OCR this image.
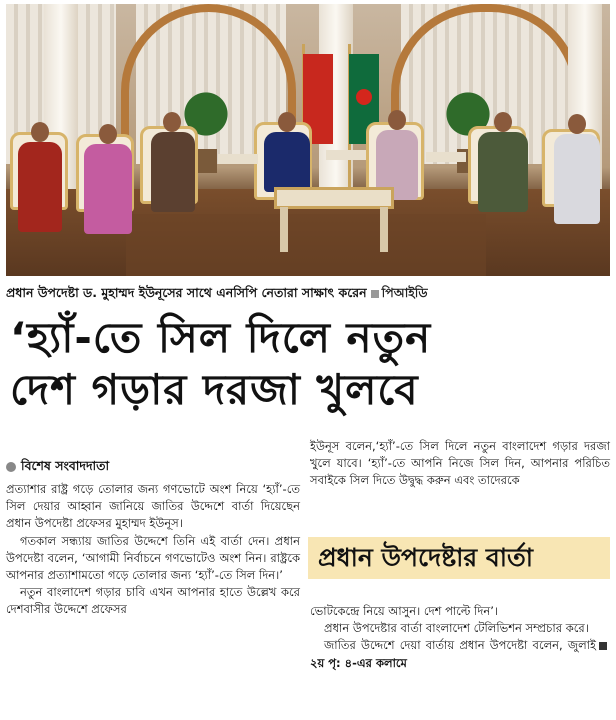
প্রধান উপদেষ্টা ড. মুহাম্মদ ইউনূসের সাথে এনসিপি নেতারা সাক্ষাৎ করেন পিআইডি
‘হ্যাঁ-তে সিল দিলে নতুন
দেশ গড়ার দরজা খুলবে
বিশেষ সংবাদদাতা

প্রত্যাশার রাষ্ট্র গড়ে তোলার জন্য গণভোটে অংশ নিয়ে ‘হ্যাঁ’-তে সিল দেয়ার আহ্বান জানিয়ে জাতির উদ্দেশে বার্তা দিয়েছেন প্রধান উপদেষ্টা প্রফেসর মুহাম্মদ ইউনূস।

গতকাল সন্ধ্যায় জাতির উদ্দেশে তিনি এই বার্তা দেন। প্রধান উপদেষ্টা বলেন, ‘আগামী নির্বাচনে গণভোটেও অংশ নিন। রাষ্ট্রকে আপনার প্রত্যাশামতো গড়ে তোলার জন্য ‘হ্যাঁ’-তে সিল দিন।’

নতুন বাংলাদেশ গড়ার চাবি এখন আপনার হাতে উল্লেখ করে দেশবাসীর উদ্দেশে প্রফেসর

ইউনূস বলেন,‘হ্যাঁ’-তে সিল দিলে নতুন বাংলাদেশ গড়ার দরজা খুলে যাবে। ‘হ্যাঁ’-তে আপনি নিজে সিল দিন, আপনার পরিচিত সবাইকে সিল দিতে উদ্বুদ্ধ করুন এবং তাদেরকে

প্রধান উপদেষ্টার বার্তা

ভোটকেন্দ্রে নিয়ে আসুন। দেশ পাল্টে দিন’।

প্রধান উপদেষ্টার বার্তা বাংলাদেশ টেলিভিশন সম্প্রচার করে।

জাতির উদ্দেশে দেয়া বার্তায় প্রধান উপদেষ্টা বলেন, জুলাই২য় পৃ: ৪-এর কলামে
